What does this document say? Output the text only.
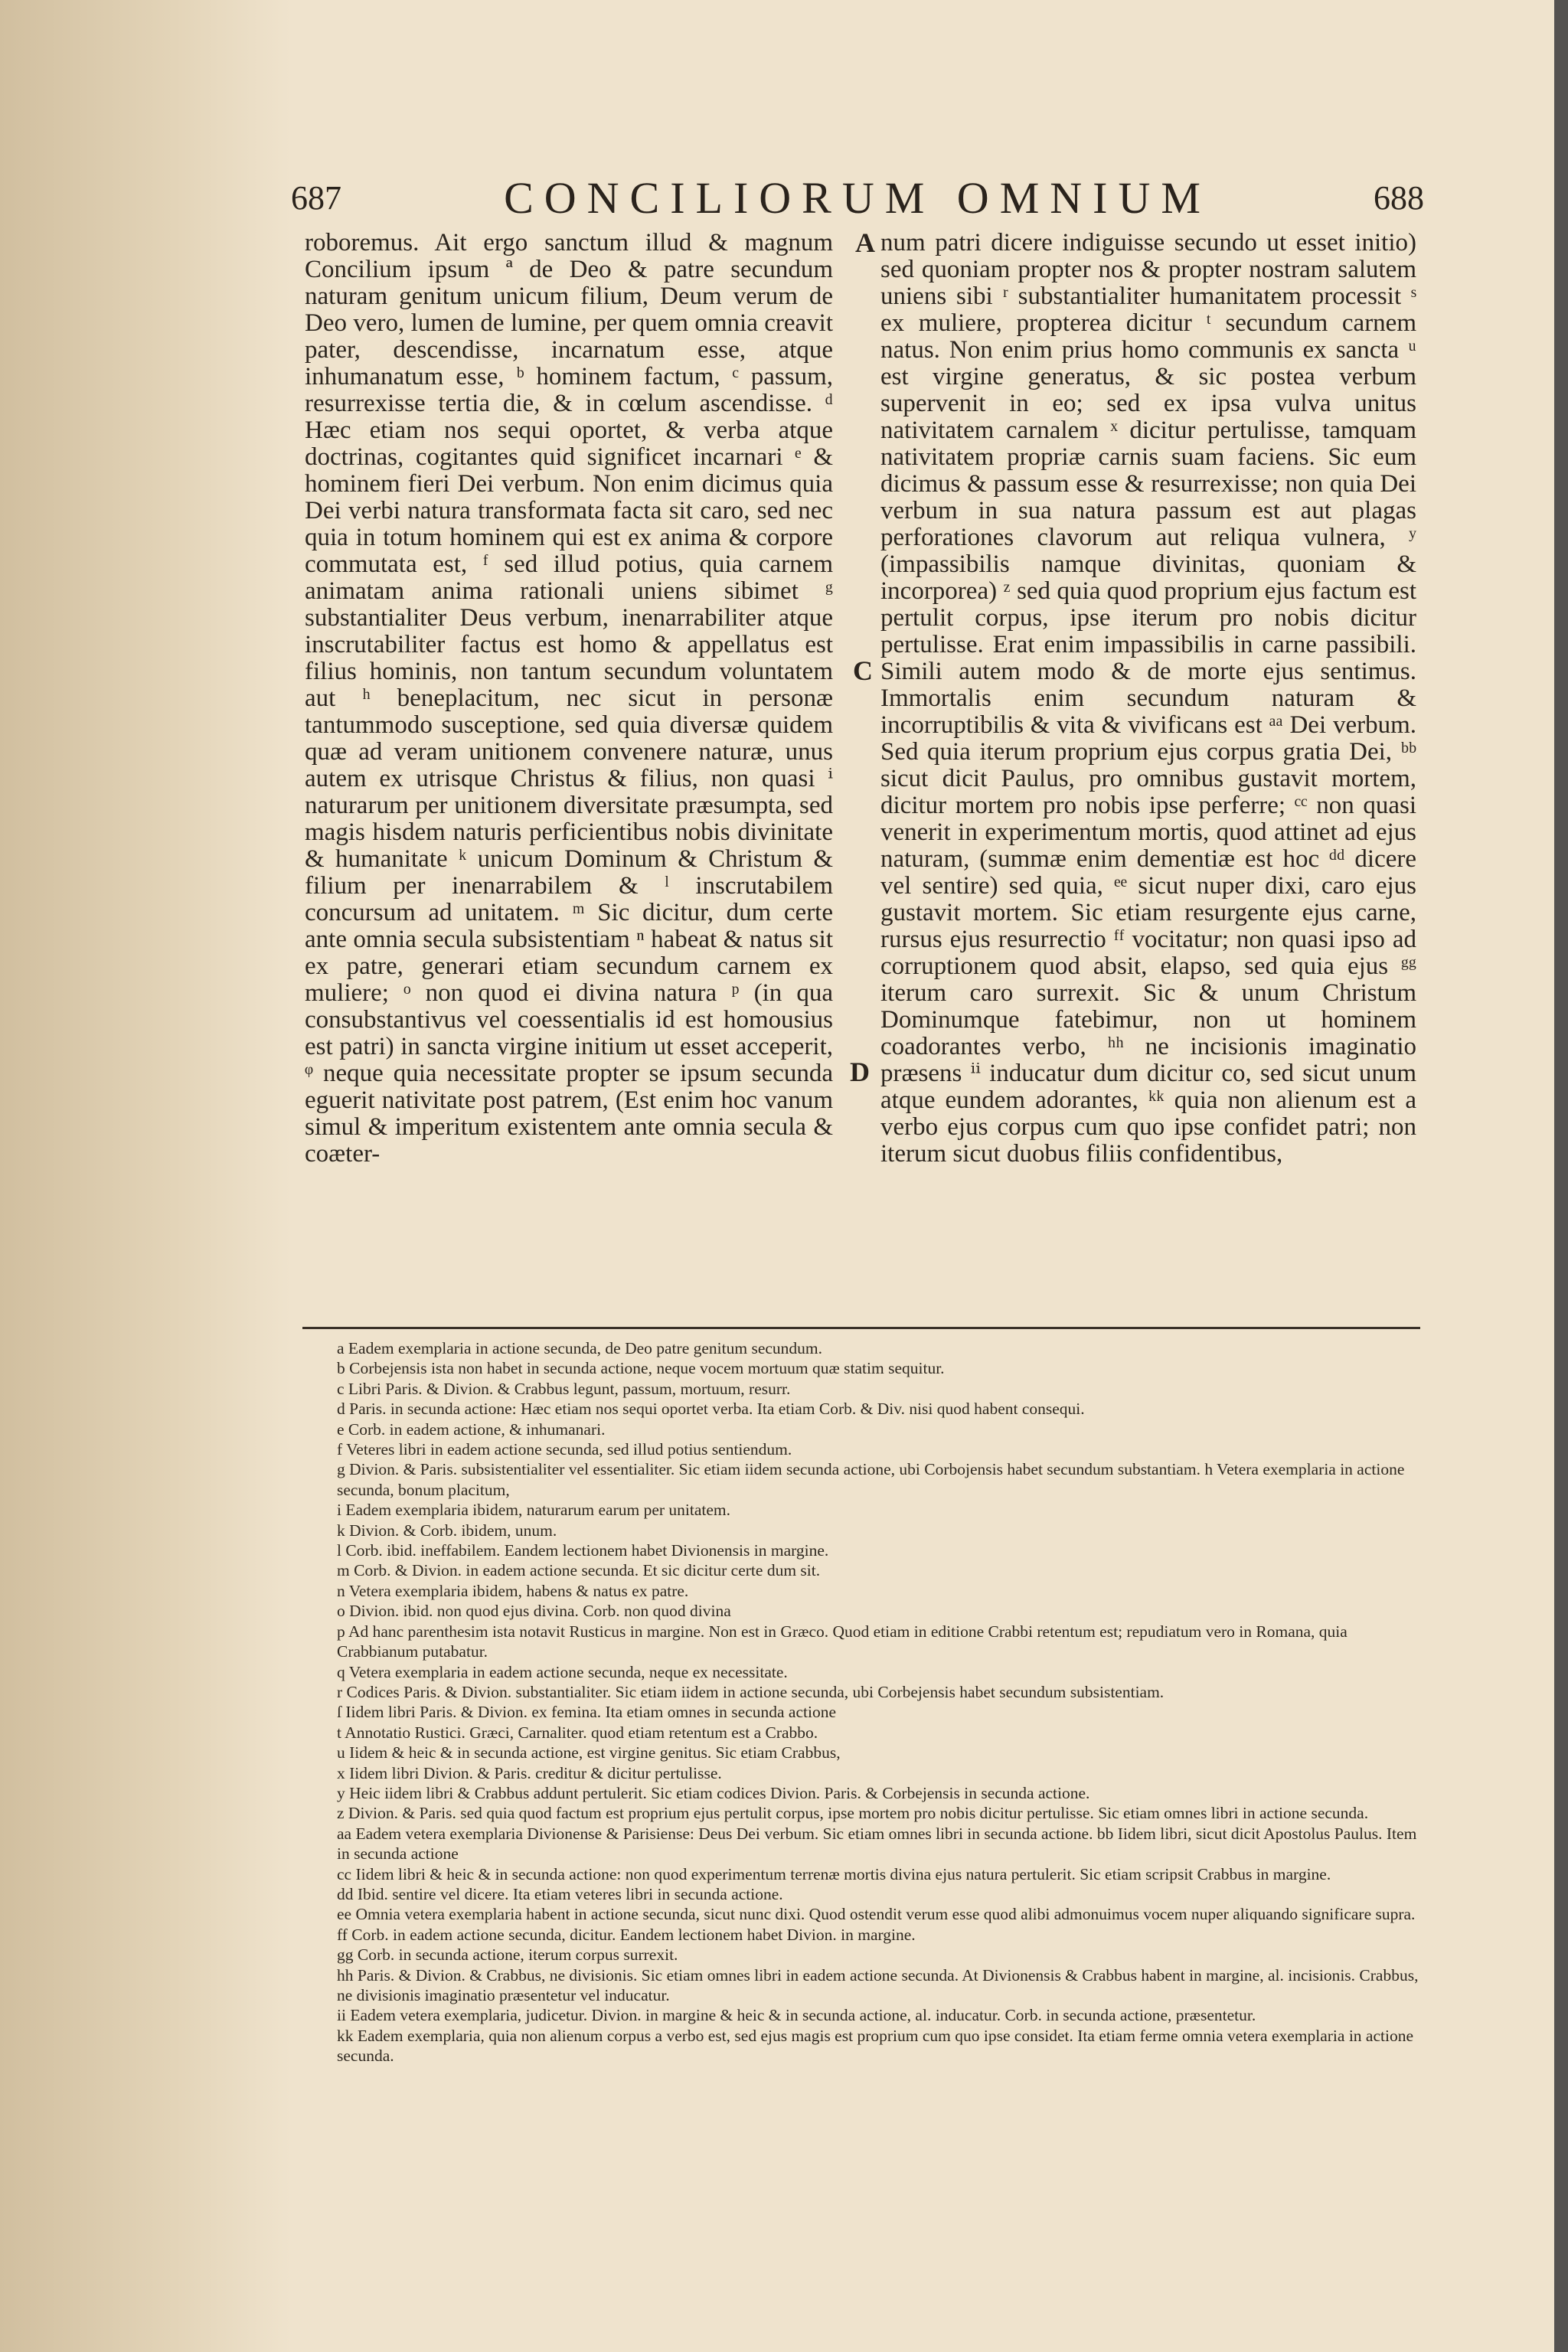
687	CONCILIORUM OMNIUM	688

roboremus. Ait ergo sanctum illud & magnum Concilium ipsum ª de Deo & patre secundum naturam genitum unicum filium, Deum verum de Deo vero, lumen de lumine, per quem omnia creavit pater, descendisse, incarnatum esse, atque inhumanatum esse, ᵇ hominem factum, ᶜ passum, resurrexisse tertia die, & in cœlum ascendisse. ᵈ Hæc etiam nos sequi oportet, & verba atque doctrinas, cogitantes quid significet incarnari ᵉ & hominem fieri Dei verbum. Non enim dicimus quia Dei verbi natura transformata facta sit caro, sed nec quia in totum hominem qui est ex anima & corpore commutata est, ᶠ sed illud potius, quia carnem animatam anima rationali uniens sibimet ᵍ substantialiter Deus verbum, inenarrabiliter atque inscrutabiliter factus est homo & appellatus est filius hominis, non tantum secundum voluntatem aut ʰ beneplacitum, nec sicut in personæ tantummodo susceptione, sed quia diversæ quidem quæ ad veram unitionem convenere naturæ, unus autem ex utrisque Christus & filius, non quasi ⁱ naturarum per unitionem diversitate præsumpta, sed magis hisdem naturis perficientibus nobis divinitate & humanitate ᵏ unicum Dominum & Christum & filium per inenarrabilem & ˡ inscrutabilem concursum ad unitatem. ᵐ Sic dicitur, dum certe ante omnia secula subsistentiam ⁿ habeat & natus sit ex patre, generari etiam secundum carnem ex muliere; ᵒ non quod ei divina natura ᵖ (in qua consubstantivus vel coessentialis id est homousius est patri) in sancta virgine initium ut esset acceperit, ᵠ neque quia necessitate propter se ipsum secunda eguerit nativitate post patrem, (Est enim hoc vanum simul & imperitum existentem ante omnia secula & coæter-

A
C
D

num patri dicere indiguisse secundo ut esset initio) sed quoniam propter nos & propter nostram salutem uniens sibi ʳ substantialiter humanitatem processit ˢ ex muliere, propterea dicitur ᵗ secundum carnem natus. Non enim prius homo communis ex sancta ᵘ est virgine generatus, & sic postea verbum supervenit in eo; sed ex ipsa vulva unitus nativitatem carnalem ˣ dicitur pertulisse, tamquam nativitatem propriæ carnis suam faciens. Sic eum dicimus & passum esse & resurrexisse; non quia Dei verbum in sua natura passum est aut plagas perforationes clavorum aut reliqua vulnera, ʸ (impassibilis namque divinitas, quoniam & incorporea) ᶻ sed quia quod proprium ejus factum est pertulit corpus, ipse iterum pro nobis dicitur pertulisse. Erat enim impassibilis in carne passibili. Simili autem modo & de morte ejus sentimus. Immortalis enim secundum naturam & incorruptibilis & vita & vivificans est ᵃᵃ Dei verbum. Sed quia iterum proprium ejus corpus gratia Dei, ᵇᵇ sicut dicit Paulus, pro omnibus gustavit mortem, dicitur mortem pro nobis ipse perferre; ᶜᶜ non quasi venerit in experimentum mortis, quod attinet ad ejus naturam, (summæ enim dementiæ est hoc ᵈᵈ dicere vel sentire) sed quia, ᵉᵉ sicut nuper dixi, caro ejus gustavit mortem. Sic etiam resurgente ejus carne, rursus ejus resurrectio ᶠᶠ vocitatur; non quasi ipso ad corruptionem quod absit, elapso, sed quia ejus ᵍᵍ iterum caro surrexit. Sic & unum Christum Dominumque fatebimur, non ut hominem coadorantes verbo, ʰʰ ne incisionis imaginatio præsens ⁱⁱ inducatur dum dicitur co, sed sicut unum atque eundem adorantes, ᵏᵏ quia non alienum est a verbo ejus corpus cum quo ipse confidet patri; non iterum sicut duobus filiis confidentibus,

a Eadem exemplaria in actione secunda, de Deo patre genitum secundum.
b Corbejensis ista non habet in secunda actione, neque vocem mortuum quæ statim sequitur.
c Libri Paris. & Divion. & Crabbus legunt, passum, mortuum, resurr.
d Paris. in secunda actione: Hæc etiam nos sequi oportet verba. Ita etiam Corb. & Div. nisi quod habent consequi.
e Corb. in eadem actione, & inhumanari.
f Veteres libri in eadem actione secunda, sed illud potius sentiendum.
g Divion. & Paris. subsistentialiter vel essentialiter. Sic etiam iidem secunda actione, ubi Corbojensis habet secundum substantiam. h Vetera exemplaria in actione secunda, bonum placitum,
i Eadem exemplaria ibidem, naturarum earum per unitatem.
k Divion. & Corb. ibidem, unum.
l Corb. ibid. ineffabilem. Eandem lectionem habet Divionensis in margine.
m Corb. & Divion. in eadem actione secunda. Et sic dicitur certe dum sit.
n Vetera exemplaria ibidem, habens & natus ex patre.
o Divion. ibid. non quod ejus divina. Corb. non quod divina
p Ad hanc parenthesim ista notavit Rusticus in margine. Non est in Græco. Quod etiam in editione Crabbi retentum est; repudiatum vero in Romana, quia Crabbianum putabatur.
q Vetera exemplaria in eadem actione secunda, neque ex necessitate.
r Codices Paris. & Divion. substantialiter. Sic etiam iidem in actione secunda, ubi Corbejensis habet secundum subsistentiam.
ſ Iidem libri Paris. & Divion. ex femina. Ita etiam omnes in secunda actione
t Annotatio Rustici. Græci, Carnaliter. quod etiam retentum est a Crabbo.
u Iidem & heic & in secunda actione, est virgine genitus. Sic etiam Crabbus,
x Iidem libri Divion. & Paris. creditur & dicitur pertulisse.
y Heic iidem libri & Crabbus addunt pertulerit. Sic etiam codices Divion. Paris. & Corbejensis in secunda actione.
z Divion. & Paris. sed quia quod factum est proprium ejus pertulit corpus, ipse mortem pro nobis dicitur pertulisse. Sic etiam omnes libri in actione secunda.
aa Eadem vetera exemplaria Divionense & Parisiense: Deus Dei verbum. Sic etiam omnes libri in secunda actione. bb Iidem libri, sicut dicit Apostolus Paulus. Item in secunda actione
cc Iidem libri & heic & in secunda actione: non quod experimentum terrenæ mortis divina ejus natura pertulerit. Sic etiam scripsit Crabbus in margine.
dd Ibid. sentire vel dicere. Ita etiam veteres libri in secunda actione.
ee Omnia vetera exemplaria habent in actione secunda, sicut nunc dixi. Quod ostendit verum esse quod alibi admonuimus vocem nuper aliquando significare supra.
ff Corb. in eadem actione secunda, dicitur. Eandem lectionem habet Divion. in margine.
gg Corb. in secunda actione, iterum corpus surrexit.
hh Paris. & Divion. & Crabbus, ne divisionis. Sic etiam omnes libri in eadem actione secunda. At Divionensis & Crabbus habent in margine, al. incisionis. Crabbus, ne divisionis imaginatio præsentetur vel inducatur.
ii Eadem vetera exemplaria, judicetur. Divion. in margine & heic & in secunda actione, al. inducatur. Corb. in secunda actione, præsentetur.
kk Eadem exemplaria, quia non alienum corpus a verbo est, sed ejus magis est proprium cum quo ipse considet. Ita etiam ferme omnia vetera exemplaria in actione secunda.
